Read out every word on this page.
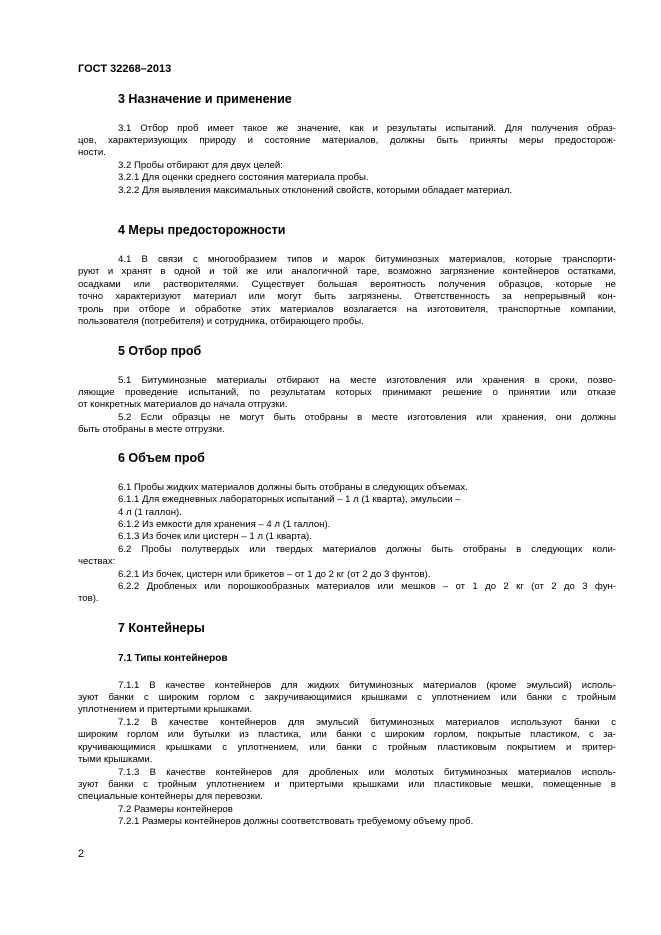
ГОСТ 32268–2013
3 Назначение и применение
3.1 Отбор проб имеет такое же значение, как и результаты испытаний. Для получения образ-
цов, характеризующих природу и состояние материалов, должны быть приняты меры предосторож-
ности.
3.2 Пробы отбирают для двух целей:
3.2.1 Для оценки среднего состояния материала пробы.
3.2.2 Для выявления максимальных отклонений свойств, которыми обладает материал.
4 Меры предосторожности
4.1 В связи с многообразием типов и марок битуминозных материалов, которые транспорти-
руют и хранят в одной и той же или аналогичной таре, возможно загрязнение контейнеров остатками,
осадками или растворителями. Существует большая вероятность получения образцов, которые не
точно характеризуют материал или могут быть загрязнены. Ответственность за непрерывный кон-
троль при отборе и обработке этих материалов возлагается на изготовителя, транспортные компании,
пользователя (потребителя) и сотрудника, отбирающего пробы.
5 Отбор проб
5.1 Битуминозные материалы отбирают на месте изготовления или хранения в сроки, позво-
ляющие проведение испытаний, по результатам которых принимают решение о принятии или отказе
от конкретных материалов до начала отгрузки.
5.2 Если образцы не могут быть отобраны в месте изготовления или хранения, они должны
быть отобраны в месте отгрузки.
6 Объем проб
6.1 Пробы жидких материалов должны быть отобраны в следующих объемах.
6.1.1 Для ежедневных лабораторных испытаний – 1 л (1 кварта), эмульсии –
4 л (1 галлон).
6.1.2 Из емкости для хранения – 4 л (1 галлон).
6.1.3 Из бочек или цистерн – 1 л (1 кварта).
6.2 Пробы полутвердых или твердых материалов должны быть отобраны в следующих коли-
чествах:
6.2.1 Из бочек, цистерн или брикетов – от 1 до 2 кг (от 2 до 3 фунтов).
6.2.2 Дробленых или порошкообразных материалов или мешков – от 1 до 2 кг (от 2 до 3 фун-
тов).
7 Контейнеры
7.1 Типы контейнеров
7.1.1 В качестве контейнеров для жидких битуминозных материалов (кроме эмульсий) исполь-
зуют банки с широким горлом с закручивающимися крышками с уплотнением или банки с тройным
уплотнением и притертыми крышками.
7.1.2 В качестве контейнеров для эмульсий битуминозных материалов используют банки с
широким горлом или бутылки из пластика, или банки с широким горлом, покрытые пластиком, с за-
кручивающимися крышками с уплотнением, или банки с тройным пластиковым покрытием и притер-
тыми крышками.
7.1.3 В качестве контейнеров для дробленых или молотых битуминозных материалов исполь-
зуют банки с тройным уплотнением и притертыми крышками или пластиковые мешки, помещенные в
специальные контейнеры для перевозки.
7.2 Размеры контейнеров
7.2.1 Размеры контейнеров должны соответствовать требуемому объему проб.
2
